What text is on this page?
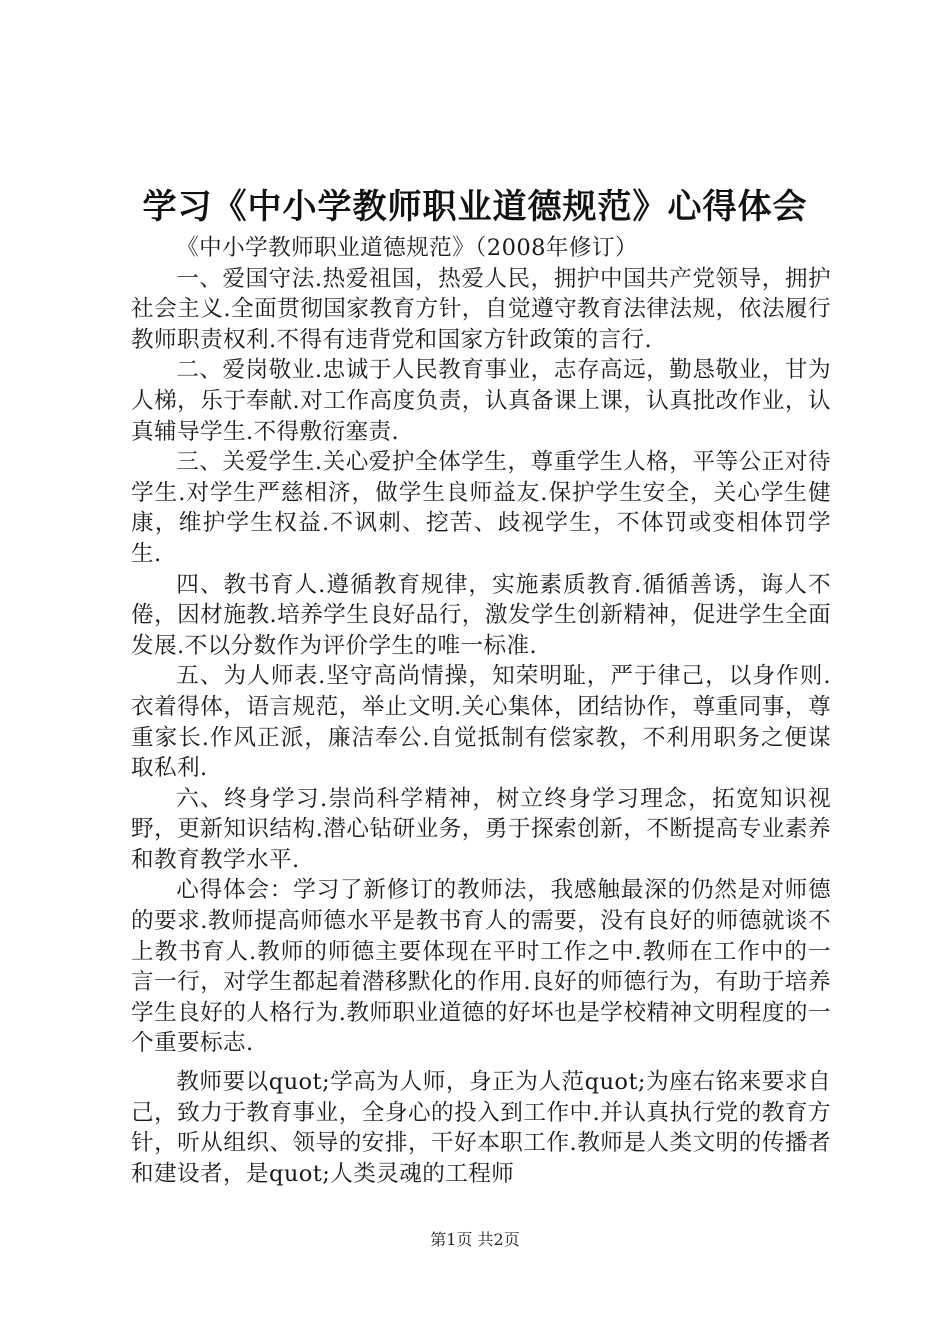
学习《中小学教师职业道德规范》心得体会

《中小学教师职业道德规范》（2008年修订）

一、爱国守法.热爱祖国，热爱人民，拥护中国共产党领导，拥护社会主义.全面贯彻国家教育方针，自觉遵守教育法律法规，依法履行教师职责权利.不得有违背党和国家方针政策的言行.

二、爱岗敬业.忠诚于人民教育事业，志存高远，勤恳敬业，甘为人梯，乐于奉献.对工作高度负责，认真备课上课，认真批改作业，认真辅导学生.不得敷衍塞责.

三、关爱学生.关心爱护全体学生，尊重学生人格，平等公正对待学生.对学生严慈相济，做学生良师益友.保护学生安全，关心学生健康，维护学生权益.不讽刺、挖苦、歧视学生，不体罚或变相体罚学生.

四、教书育人.遵循教育规律，实施素质教育.循循善诱，诲人不倦，因材施教.培养学生良好品行，激发学生创新精神，促进学生全面发展.不以分数作为评价学生的唯一标准.

五、为人师表.坚守高尚情操，知荣明耻，严于律己，以身作则.衣着得体，语言规范，举止文明.关心集体，团结协作，尊重同事，尊重家长.作风正派，廉洁奉公.自觉抵制有偿家教，不利用职务之便谋取私利.

六、终身学习.崇尚科学精神，树立终身学习理念，拓宽知识视野，更新知识结构.潜心钻研业务，勇于探索创新，不断提高专业素养和教育教学水平.

心得体会：学习了新修订的教师法，我感触最深的仍然是对师德的要求.教师提高师德水平是教书育人的需要，没有良好的师德就谈不上教书育人.教师的师德主要体现在平时工作之中.教师在工作中的一言一行，对学生都起着潜移默化的作用.良好的师德行为，有助于培养学生良好的人格行为.教师职业道德的好坏也是学校精神文明程度的一个重要标志.

教师要以quot;学高为人师，身正为人范quot;为座右铭来要求自己，致力于教育事业，全身心的投入到工作中.并认真执行党的教育方针，听从组织、领导的安排，干好本职工作.教师是人类文明的传播者和建设者，是quot;人类灵魂的工程师

第1页 共2页
